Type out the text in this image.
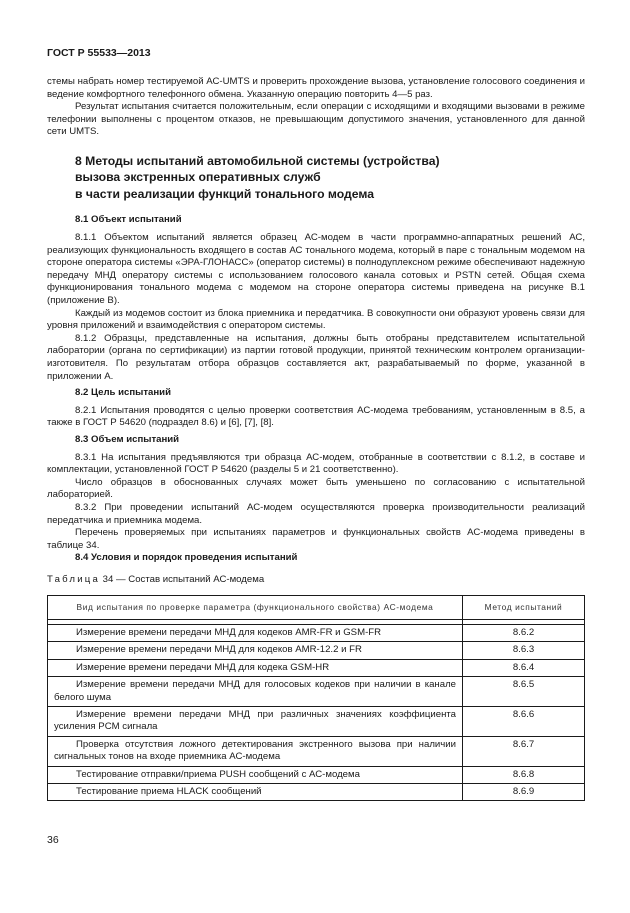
ГОСТ Р 55533—2013

стемы набрать номер тестируемой АС-UMTS и проверить прохождение вызова, установление голосового соединения и ведение комфортного телефонного обмена. Указанную операцию повторить 4—5 раз.

Результат испытания считается положительным, если операции с исходящими и входящими вызовами в режиме телефонии выполнены с процентом отказов, не превышающим допустимого значения, установленного для данной сети UMTS.

8 Методы испытаний автомобильной системы (устройства)
вызова экстренных оперативных служб
в части реализации функций тонального модема

8.1 Объект испытаний

8.1.1 Объектом испытаний является образец АС-модем в части программно-аппаратных решений АС, реализующих функциональность входящего в состав АС тонального модема, который в паре с тональным модемом на стороне оператора системы «ЭРА-ГЛОНАСС» (оператор системы) в полнодуплексном режиме обеспечивают надежную передачу МНД оператору системы с использованием голосового канала сотовых и PSTN сетей. Общая схема функционирования тонального модема с модемом на стороне оператора системы приведена на рисунке В.1 (приложение В).

Каждый из модемов состоит из блока приемника и передатчика. В совокупности они образуют уровень связи для уровня приложений и взаимодействия с оператором системы.

8.1.2 Образцы, представленные на испытания, должны быть отобраны представителем испытательной лаборатории (органа по сертификации) из партии готовой продукции, принятой техническим контролем организации-изготовителя. По результатам отбора образцов составляется акт, разрабатываемый по форме, указанной в приложении А.

8.2 Цель испытаний

8.2.1 Испытания проводятся с целью проверки соответствия АС-модема требованиям, установленным в 8.5, а также в ГОСТ Р 54620 (подраздел 8.6) и [6], [7], [8].

8.3 Объем испытаний

8.3.1 На испытания предъявляются три образца АС-модем, отобранные в соответствии с 8.1.2, в составе и комплектации, установленной ГОСТ Р 54620 (разделы 5 и 21 соответственно).

Число образцов в обоснованных случаях может быть уменьшено по согласованию с испытательной лабораторией.

8.3.2 При проведении испытаний АС-модем осуществляются проверка производительности реализаций передатчика и приемника модема.

Перечень проверяемых при испытаниях параметров и функциональных свойств АС-модема приведены в таблице 34.

8.4 Условия и порядок проведения испытаний

Таблица 34 — Состав испытаний АС-модема

Вид испытания по проверке параметра (функционального свойства) АС-модема	Метод испытаний

Измерение времени передачи МНД для кодеков AMR-FR и GSM-FR	8.6.2
Измерение времени передачи МНД для кодеков AMR-12.2 и FR	8.6.3
Измерение времени передачи МНД для кодека GSM-HR	8.6.4
Измерение времени передачи МНД для голосовых кодеков при наличии в канале белого шума	8.6.5
Измерение времени передачи МНД при различных значениях коэффициента усиления PCM сигнала	8.6.6
Проверка отсутствия ложного детектирования экстренного вызова при наличии сигнальных тонов на входе приемника АС-модема	8.6.7
Тестирование отправки/приема PUSH сообщений с АС-модема	8.6.8
Тестирование приема HLACK сообщений	8.6.9
36
